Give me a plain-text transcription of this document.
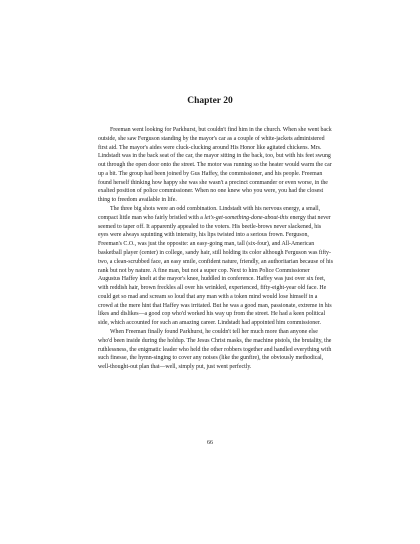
Chapter 20

Freeman went looking for Parkhurst, but couldn't find him in the church. When she went back outside, she saw Ferguson standing by the mayor's car as a couple of white-jackets administered first aid. The mayor's aides were cluck-clucking around His Honor like agitated chickens. Mrs. Lindstadt was in the back seat of the car, the mayor sitting in the back, too, but with his feet swung out through the open door onto the street. The motor was running so the heater would warm the car up a bit. The group had been joined by Gus Haffey, the commissioner, and his people. Freeman found herself thinking how happy she was she wasn't a precinct commander or even worse, in the exalted position of police commissioner. When no one knew who you were, you had the closest thing to freedom available in life.

The three big shots were an odd combination. Lindstadt with his nervous energy, a small, compact little man who fairly bristled with a let's-get-something-done-about-this energy that never seemed to taper off. It apparently appealed to the voters. His beetle-brows never slackened, his eyes were always squinting with intensity, his lips twisted into a serious frown. Ferguson, Freeman's C.O., was just the opposite: an easy-going man, tall (six-four), and All-American basketball player (center) in college, sandy hair, still holding its color although Ferguson was fifty-two, a clean-scrubbed face, an easy smile, confident nature, friendly, an authoritarian because of his rank but not by nature. A fine man, but not a super cop. Next to him Police Commissioner Augustus Haffey knelt at the mayor's knee, huddled in conference. Haffey was just over six feet, with reddish hair, brown freckles all over his wrinkled, experienced, fifty-eight-year old face. He could get so mad and scream so loud that any man with a token mind would lose himself in a crowd at the mere hint that Haffey was irritated. But he was a good man, passionate, extreme in his likes and dislikes—a good cop who'd worked his way up from the street. He had a keen political side, which accounted for such an amazing career. Lindstadt had appointed him commissioner.

When Freeman finally found Parkhurst, he couldn't tell her much more than anyone else who'd been inside during the holdup. The Jesus Christ masks, the machine pistols, the brutality, the ruthlessness, the enigmatic leader who held the other robbers together and handled everything with such finesse, the hymn-singing to cover any noises (like the gunfire), the obviously methodical, well-thought-out plan that—well, simply put, just went perfectly.

66
